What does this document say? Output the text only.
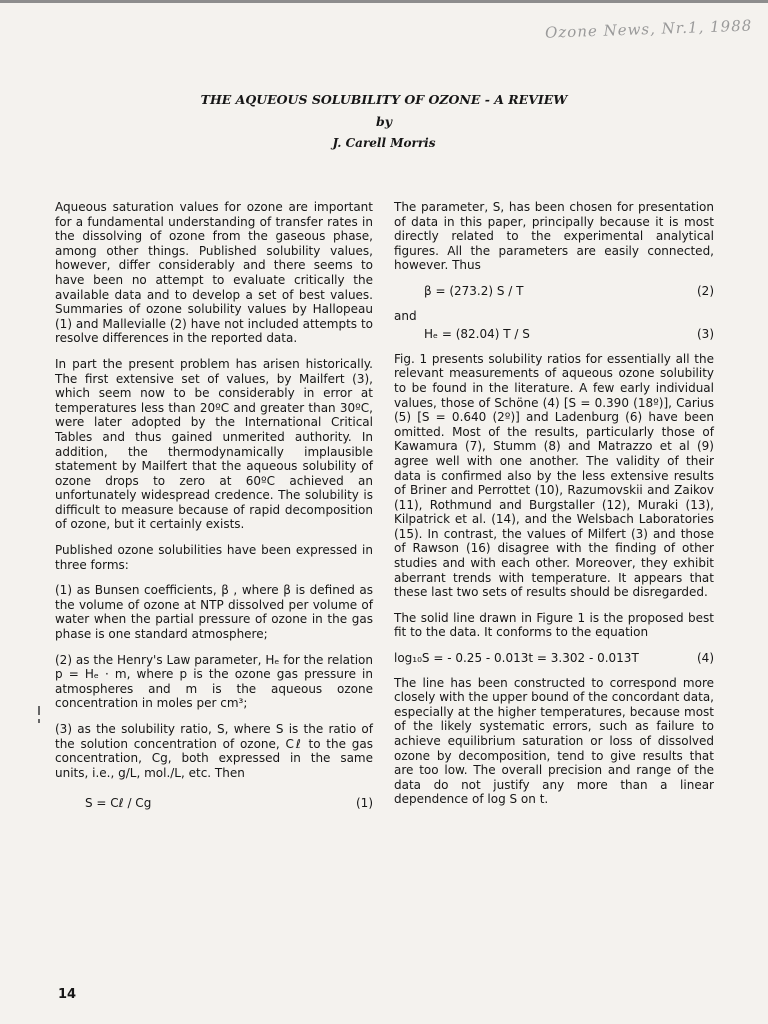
Ozone News, Nr.1, 1988
THE AQUEOUS SOLUBILITY OF OZONE - A REVIEW
by
J. Carell Morris

Aqueous saturation values for ozone are important for a fundamental understanding of transfer rates in the dissolving of ozone from the gaseous phase, among other things. Published solubility values, however, differ considerably and there seems to have been no attempt to evaluate critically the available data and to develop a set of best values. Summaries of ozone solubility values by Hallopeau (1) and Mallevialle (2) have not included attempts to resolve differences in the reported data.

In part the present problem has arisen historically. The first extensive set of values, by Mailfert (3), which seem now to be considerably in error at temperatures less than 20ºC and greater than 30ºC, were later adopted by the International Critical Tables and thus gained unmerited authority. In addition, the thermodynamically implausible statement by Mailfert that the aqueous solubility of ozone drops to zero at 60ºC achieved an unfortunately widespread credence. The solubility is difficult to measure because of rapid decomposition of ozone, but it certainly exists.

Published ozone solubilities have been expressed in three forms:

(1) as Bunsen coefficients, β , where β is defined as the volume of ozone at NTP dissolved per volume of water when the partial pressure of ozone in the gas phase is one standard atmosphere;

(2) as the Henry's Law parameter, Hₑ for the relation p = Hₑ · m, where p is the ozone gas pressure in atmospheres and m is the aqueous ozone concentration in moles per cm³;

(3) as the solubility ratio, S, where S is the ratio of the solution concentration of ozone, Cℓ to the gas concentration, Cg, both expressed in the same units, i.e., g/L, mol./L, etc. Then

S = Cℓ / Cg	(1)

The parameter, S, has been chosen for presentation of data in this paper, principally because it is most directly related to the experimental analytical figures. All the parameters are easily connected, however. Thus

β = (273.2) S / T	(2)
and
Hₑ = (82.04) T / S	(3)

Fig. 1 presents solubility ratios for essentially all the relevant measurements of aqueous ozone solubility to be found in the literature. A few early individual values, those of Schöne (4) [S = 0.390 (18º)], Carius (5) [S = 0.640 (2º)] and Ladenburg (6) have been omitted. Most of the results, particularly those of Kawamura (7), Stumm (8) and Matrazzo et al (9) agree well with one another. The validity of their data is confirmed also by the less extensive results of Briner and Perrottet (10), Razumovskii and Zaikov (11), Rothmund and Burgstaller (12), Muraki (13), Kilpatrick et al. (14), and the Welsbach Laboratories (15). In contrast, the values of Milfert (3) and those of Rawson (16) disagree with the finding of other studies and with each other. Moreover, they exhibit aberrant trends with temperature. It appears that these last two sets of results should be disregarded.

The solid line drawn in Figure 1 is the proposed best fit to the data. It conforms to the equation

log₁₀S = - 0.25 - 0.013t = 3.302 - 0.013T	(4)

The line has been constructed to correspond more closely with the upper bound of the concordant data, especially at the higher temperatures, because most of the likely systematic errors, such as failure to achieve equilibrium saturation or loss of dissolved ozone by decomposition, tend to give results that are too low. The overall precision and range of the data do not justify any more than a linear dependence of log S on t.

14
